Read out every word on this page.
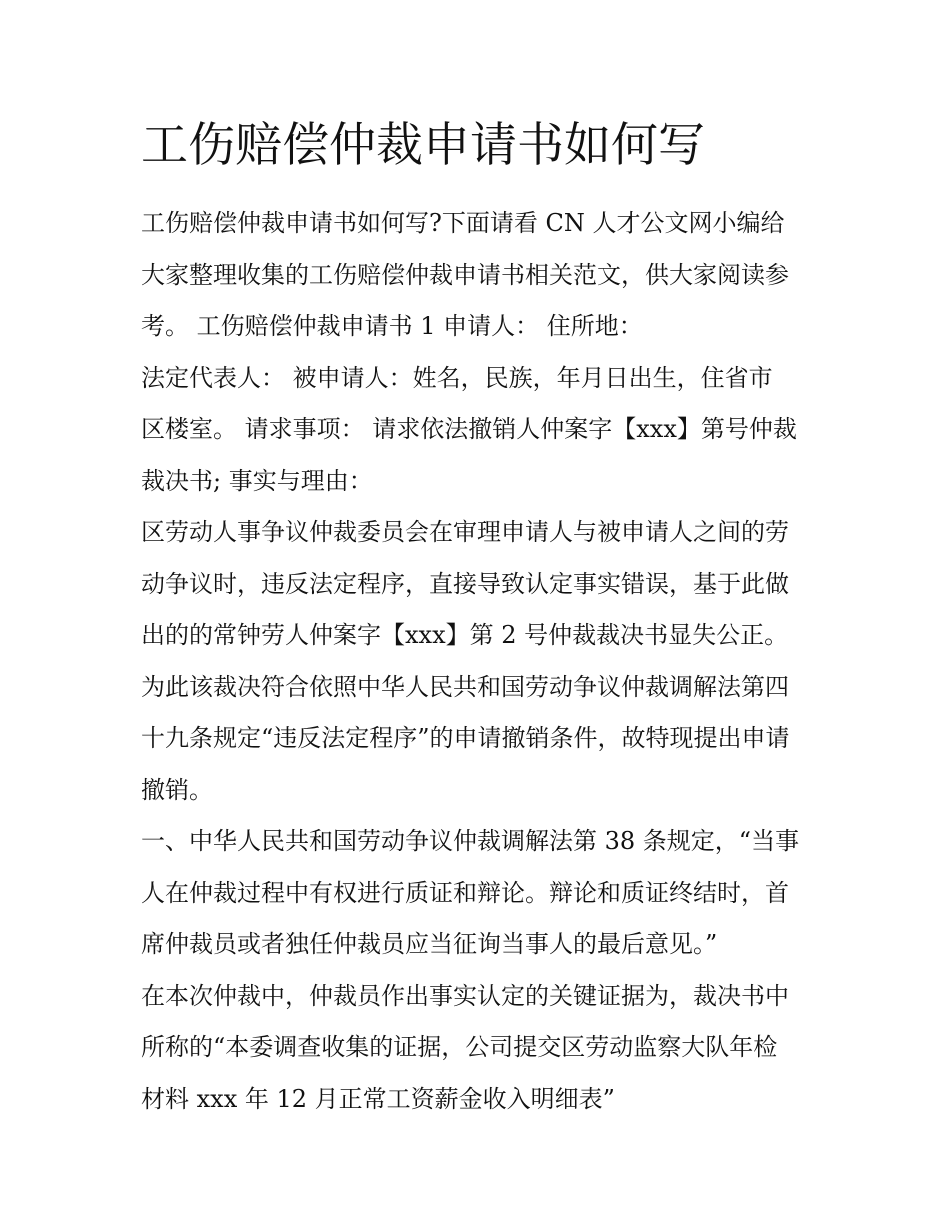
工伤赔偿仲裁申请书如何写
工伤赔偿仲裁申请书如何写?下面请看 CN 人才公文网小编给
大家整理收集的工伤赔偿仲裁申请书相关范文，供大家阅读参
考。 工伤赔偿仲裁申请书 1 申请人： 住所地：
法定代表人： 被申请人：姓名，民族，年月日出生，住省市
区楼室。 请求事项： 请求依法撤销人仲案字【xxx】第号仲裁
裁决书; 事实与理由：
区劳动人事争议仲裁委员会在审理申请人与被申请人之间的劳
动争议时，违反法定程序，直接导致认定事实错误，基于此做
出的的常钟劳人仲案字【xxx】第 2 号仲裁裁决书显失公正。
为此该裁决符合依照中华人民共和国劳动争议仲裁调解法第四
十九条规定“违反法定程序”的申请撤销条件，故特现提出申请
撤销。
一、中华人民共和国劳动争议仲裁调解法第 38 条规定，“当事
人在仲裁过程中有权进行质证和辩论。辩论和质证终结时，首
席仲裁员或者独任仲裁员应当征询当事人的最后意见。”
在本次仲裁中，仲裁员作出事实认定的关键证据为，裁决书中
所称的“本委调查收集的证据，公司提交区劳动监察大队年检
材料 xxx 年 12 月正常工资薪金收入明细表”
